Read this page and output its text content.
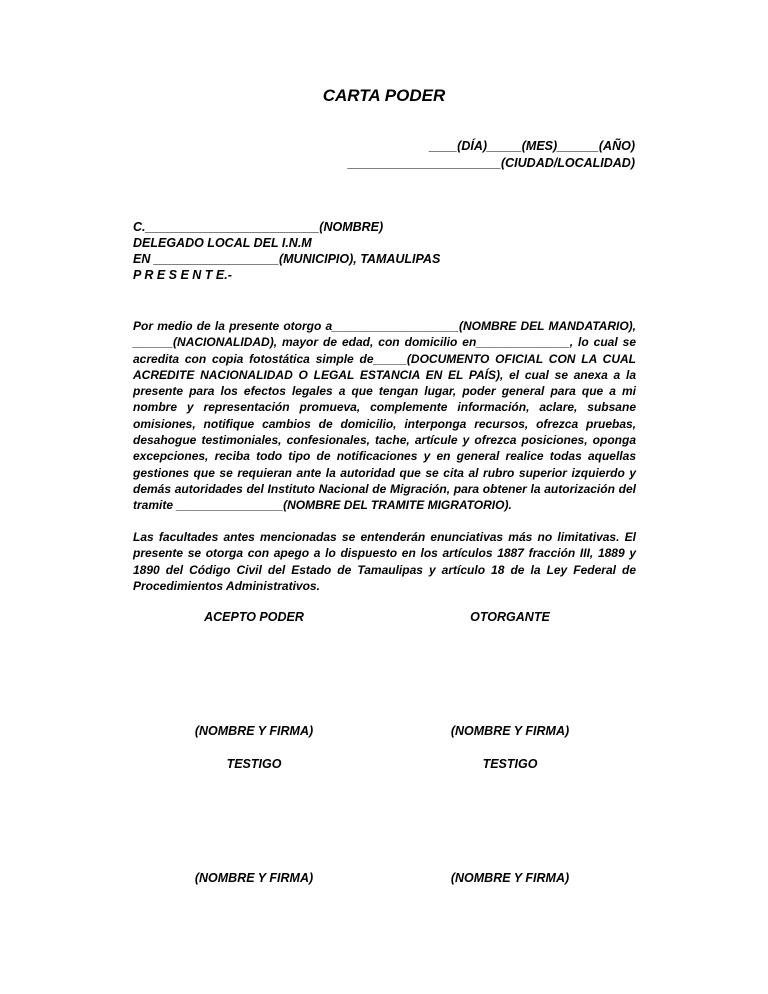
CARTA PODER
____(DÍA)_____(MES)______(AÑO)
______________________(CIUDAD/LOCALIDAD)
C._________________________(NOMBRE)
DELEGADO LOCAL DEL I.N.M
EN __________________(MUNICIPIO), TAMAULIPAS
P R E S E N T E.-

Por medio de la presente otorgo a___________________(NOMBRE DEL MANDATARIO), ______(NACIONALIDAD), mayor de edad, con domicilio en______________, lo cual se acredita con copia fotostática simple de_____(DOCUMENTO OFICIAL CON LA CUAL ACREDITE NACIONALIDAD O LEGAL ESTANCIA EN EL PAÍS), el cual se anexa a la presente para los efectos legales a que tengan lugar, poder general para que a mi nombre y representación promueva, complemente información, aclare, subsane omisiones, notifique cambios de domicilio, interponga recursos, ofrezca pruebas, desahogue testimoniales, confesionales, tache, artícule y ofrezca posiciones, oponga excepciones, reciba todo tipo de notificaciones y en general realice todas aquellas gestiones que se requieran ante la autoridad que se cita al rubro superior izquierdo y demás autoridades del Instituto Nacional de Migración, para obtener la autorización del tramite ________________(NOMBRE DEL TRAMITE MIGRATORIO).

Las facultades antes mencionadas se entenderán enunciativas más no limitativas. El presente se otorga con apego a lo dispuesto en los artículos 1887 fracción III, 1889 y 1890 del Código Civil del Estado de Tamaulipas y artículo 18 de la Ley Federal de Procedimientos Administrativos.

ACEPTO PODER	OTORGANTE
(NOMBRE Y FIRMA)	(NOMBRE Y FIRMA)
TESTIGO	TESTIGO
(NOMBRE Y FIRMA)	(NOMBRE Y FIRMA)
